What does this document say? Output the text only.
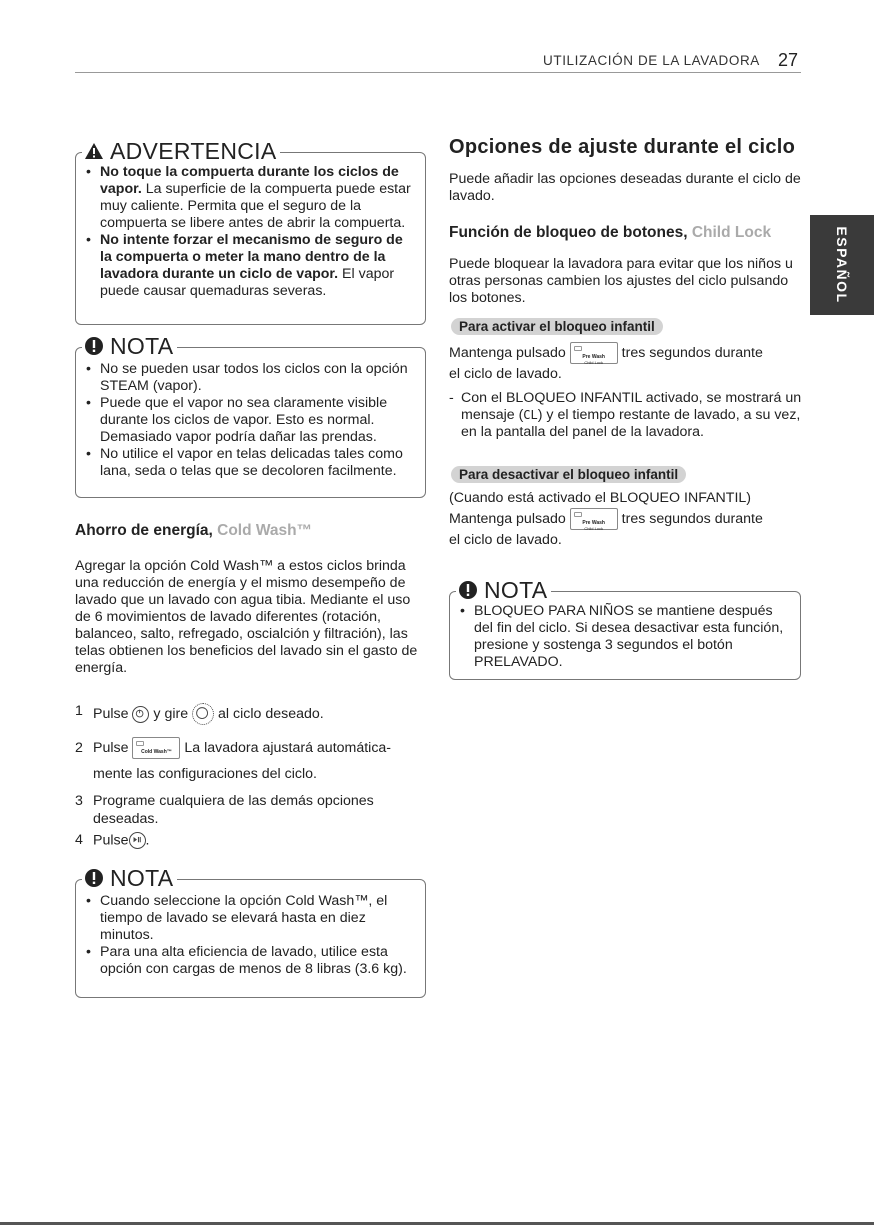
UTILIZACIÓN DE LA LAVADORA 27
ESPAÑOL
ADVERTENCIA
• No toque la compuerta durante los ciclos de vapor. La superficie de la compuerta puede estar muy caliente. Permita que el seguro de la compuerta se libere antes de abrir la compuerta.
• No intente forzar el mecanismo de seguro de la compuerta o meter la mano dentro de la lavadora durante un ciclo de vapor. El vapor puede causar quemaduras severas.
NOTA
• No se pueden usar todos los ciclos con la opción STEAM (vapor).
• Puede que el vapor no sea claramente visible durante los ciclos de vapor. Esto es normal. Demasiado vapor podría dañar las prendas.
• No utilice el vapor en telas delicadas tales como lana, seda o telas que se decoloren facilmente.
Ahorro de energía, Cold Wash™
Agregar la opción Cold Wash™ a estos ciclos brinda una reducción de energía y el mismo desempeño de lavado que un lavado con agua tibia. Mediante el uso de 6 movimientos de lavado diferentes (rotación, balanceo, salto, refregado, oscialción y filtración), las telas obtienen los beneficios del lavado sin el gasto de energía.
1 Pulse y gire al ciclo deseado.
2 Pulse	Cold Wash™ La lavadora ajustará automática-
mente las configuraciones del ciclo.
3 Programe cualquiera de las demás opciones
deseadas.
4 Pulse .
NOTA
• Cuando seleccione la opción Cold Wash™, el tiempo de lavado se elevará hasta en diez minutos.
• Para una alta eficiencia de lavado, utilice esta opción con cargas de menos de 8 libras (3.6 kg).
Opciones de ajuste durante el ciclo
Puede añadir las opciones deseadas durante el ciclo de lavado.
Función de bloqueo de botones, Child Lock
Puede bloquear la lavadora para evitar que los niños u otras personas cambien los ajustes del ciclo pulsando los botones.
Para activar el bloqueo infantil
Mantenga pulsado	Pre Wash
Child Lock
tres segundos durante
el ciclo de lavado.
- Con el BLOQUEO INFANTIL activado, se mostrará un mensaje (CL) y el tiempo restante de lavado, a su vez, en la pantalla del panel de la lavadora.
Para desactivar el bloqueo infantil
(Cuando está activado el BLOQUEO INFANTIL)
Mantenga pulsado	Pre Wash
Child Lock
tres segundos durante
el ciclo de lavado.
NOTA
• BLOQUEO PARA NIÑOS se mantiene después del fin del ciclo. Si desea desactivar esta función, presione y sostenga 3 segundos el botón PRELAVADO.
